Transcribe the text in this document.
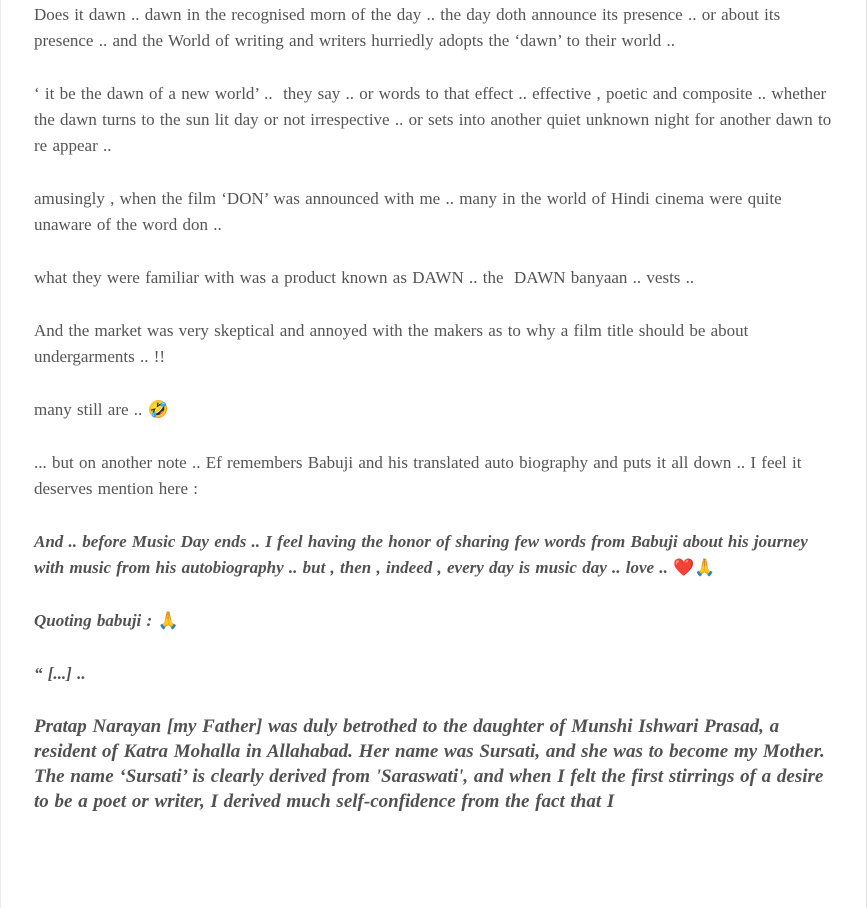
Does it dawn .. dawn in the recognised morn of the day .. the day doth announce its presence .. or about its presence .. and the World of writing and writers hurriedly adopts the ‘dawn’ to their world ..

‘ it be the dawn of a new world’ ..  they say .. or words to that effect .. effective , poetic and composite .. whether the dawn turns to the sun lit day or not irrespective .. or sets into another quiet unknown night for another dawn to re appear ..

amusingly , when the film ‘DON’ was announced with me .. many in the world of Hindi cinema were quite unaware of the word don ..

what they were familiar with was a product known as DAWN .. the  DAWN banyaan .. vests ..

And the market was very skeptical and annoyed with the makers as to why a film title should be about undergarments .. !!

many still are .. 🤣

... but on another note .. Ef remembers Babuji and his translated auto biography and puts it all down .. I feel it deserves mention here :

And .. before Music Day ends .. I feel having the honor of sharing few words from Babuji about his journey with music from his autobiography .. but , then , indeed , every day is music day .. love .. ❤️🙏

Quoting babuji : 🙏

“ [...] ..

Pratap Narayan [my Father] was duly betrothed to the daughter of Munshi Ishwari Prasad, a resident of Katra Mohalla in Allahabad. Her name was Sursati, and she was to become my Mother. The name ‘Sursati’ is clearly derived from 'Saraswati', and when I felt the first stirrings of a desire to be a poet or writer, I derived much self-confidence from the fact that I
